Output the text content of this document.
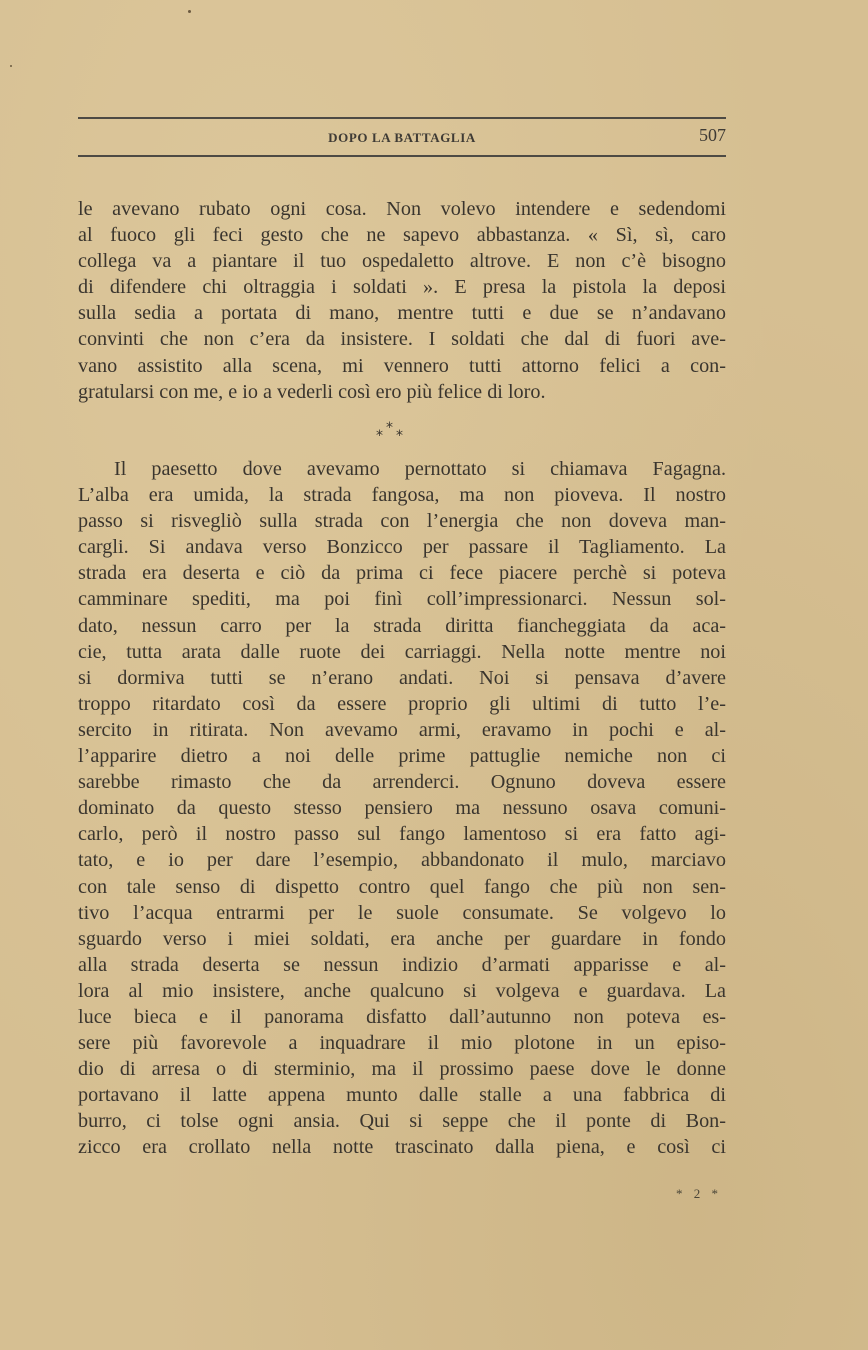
DOPO LA BATTAGLIA	507
le avevano rubato ogni cosa. Non volevo intendere e sedendomi
al fuoco gli feci gesto che ne sapevo abbastanza. « Sì, sì, caro
collega va a piantare il tuo ospedaletto altrove. E non c’è bisogno
di difendere chi oltraggia i soldati ». E presa la pistola la deposi
sulla sedia a portata di mano, mentre tutti e due se n’andavano
convinti che non c’era da insistere. I soldati che dal di fuori ave-
vano assistito alla scena, mi vennero tutti attorno felici a con-
gratularsi con me, e io a vederli così ero più felice di loro.
*
* *
Il paesetto dove avevamo pernottato si chiamava Fagagna.
L’alba era umida, la strada fangosa, ma non pioveva. Il nostro
passo si risvegliò sulla strada con l’energia che non doveva man-
cargli. Si andava verso Bonzicco per passare il Tagliamento. La
strada era deserta e ciò da prima ci fece piacere perchè si poteva
camminare spediti, ma poi finì coll’impressionarci. Nessun sol-
dato, nessun carro per la strada diritta fiancheggiata da aca-
cie, tutta arata dalle ruote dei carriaggi. Nella notte mentre noi
si dormiva tutti se n’erano andati. Noi si pensava d’avere
troppo ritardato così da essere proprio gli ultimi di tutto l’e-
sercito in ritirata. Non avevamo armi, eravamo in pochi e al-
l’apparire dietro a noi delle prime pattuglie nemiche non ci
sarebbe rimasto che da arrenderci. Ognuno doveva essere
dominato da questo stesso pensiero ma nessuno osava comuni-
carlo, però il nostro passo sul fango lamentoso si era fatto agi-
tato, e io per dare l’esempio, abbandonato il mulo, marciavo
con tale senso di dispetto contro quel fango che più non sen-
tivo l’acqua entrarmi per le suole consumate. Se volgevo lo
sguardo verso i miei soldati, era anche per guardare in fondo
alla strada deserta se nessun indizio d’armati apparisse e al-
lora al mio insistere, anche qualcuno si volgeva e guardava. La
luce bieca e il panorama disfatto dall’autunno non poteva es-
sere più favorevole a inquadrare il mio plotone in un episo-
dio di arresa o di sterminio, ma il prossimo paese dove le donne
portavano il latte appena munto dalle stalle a una fabbrica di
burro, ci tolse ogni ansia. Qui si seppe che il ponte di Bon-
zicco era crollato nella notte trascinato dalla piena, e così ci
* 2 *
